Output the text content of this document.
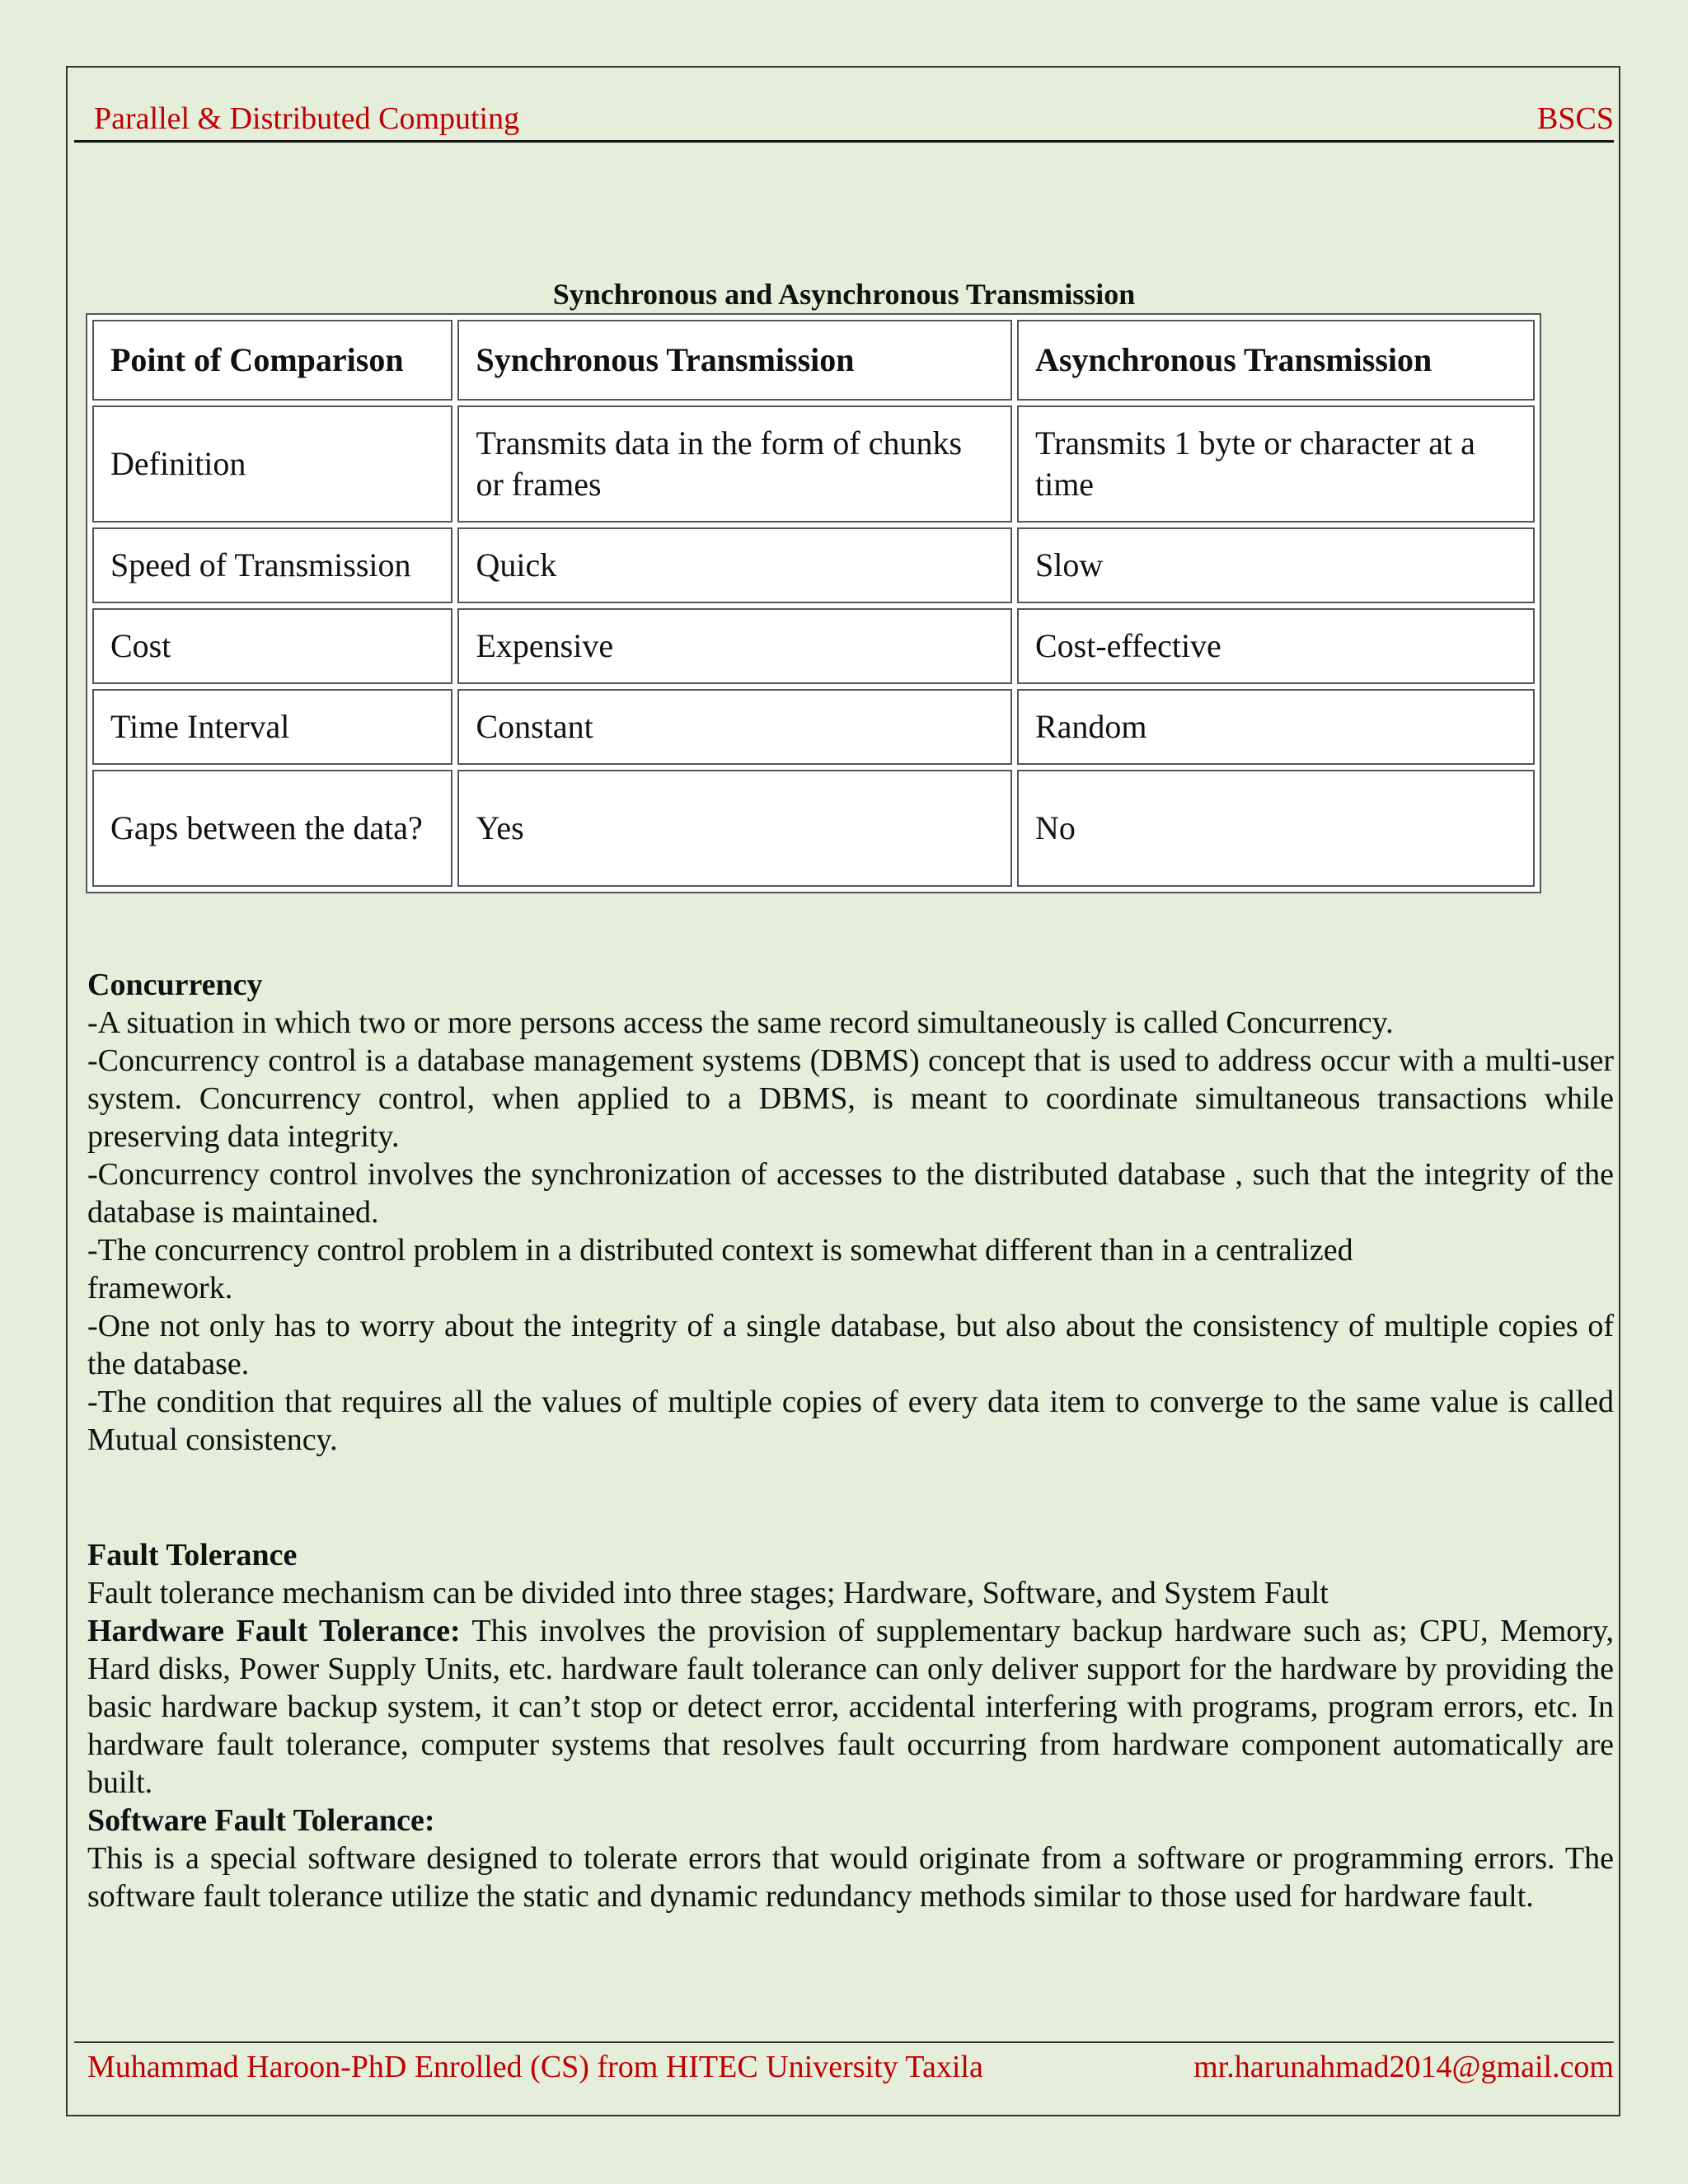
Parallel & Distributed Computing	BSCS
Synchronous and Asynchronous Transmission
Point of Comparison	Synchronous Transmission	Asynchronous Transmission
Definition	Transmits data in the form of chunks or frames	Transmits 1 byte or character at a time
Speed of Transmission	Quick	Slow
Cost	Expensive	Cost-effective
Time Interval	Constant	Random
Gaps between the data?	Yes	No

Concurrency

-A situation in which two or more persons access the same record simultaneously is called Concurrency.

-Concurrency control is a database management systems (DBMS) concept that is used to address occur with a multi-user system. Concurrency control, when applied to a DBMS, is meant to coordinate simultaneous transactions while preserving data integrity.

-Concurrency control involves the synchronization of accesses to the distributed database , such that the integrity of the database is maintained.

-The concurrency control problem in a distributed context is somewhat different than in a centralized framework.

-One not only has to worry about the integrity of a single database, but also about the consistency of multiple copies of the database.

-The condition that requires all the values of multiple copies of every data item to converge to the same value is called Mutual consistency.

Fault Tolerance

Fault tolerance mechanism can be divided into three stages; Hardware, Software, and System Fault

Hardware Fault Tolerance: This involves the provision of supplementary backup hardware such as; CPU, Memory, Hard disks, Power Supply Units, etc. hardware fault tolerance can only deliver support for the hardware by providing the basic hardware backup system, it can’t stop or detect error, accidental interfering with programs, program errors, etc. In hardware fault tolerance, computer systems that resolves fault occurring from hardware component automatically are built.

Software Fault Tolerance:

This is a special software designed to tolerate errors that would originate from a software or programming errors. The software fault tolerance utilize the static and dynamic redundancy methods similar to those used for hardware fault.

Muhammad Haroon-PhD Enrolled (CS) from HITEC University Taxila	mr.harunahmad2014@gmail.com
